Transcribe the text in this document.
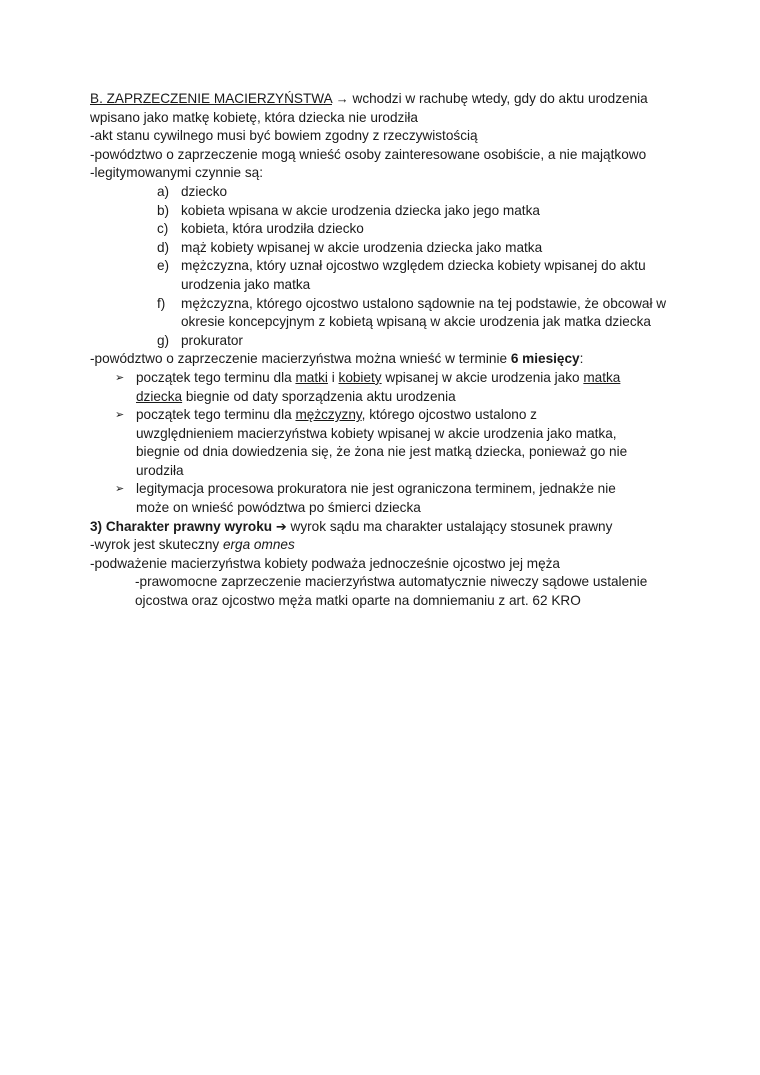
B. ZAPRZECZENIE MACIERZYŃSTWA → wchodzi w rachubę wtedy, gdy do aktu urodzenia
wpisano jako matkę kobietę, która dziecka nie urodziła
-akt stanu cywilnego musi być bowiem zgodny z rzeczywistością
-powództwo o zaprzeczenie mogą wnieść osoby zainteresowane osobiście, a nie majątkowo
-legitymowanymi czynnie są:
a) dziecko
b) kobieta wpisana w akcie urodzenia dziecka jako jego matka
c) kobieta, która urodziła dziecko
d) mąż kobiety wpisanej w akcie urodzenia dziecka jako matka
e) mężczyzna, który uznał ojcostwo względem dziecka kobiety wpisanej do aktu urodzenia jako matka
f) mężczyzna, którego ojcostwo ustalono sądownie na tej podstawie, że obcował w okresie koncepcyjnym z kobietą wpisaną w akcie urodzenia jak matka dziecka
g) prokurator
-powództwo o zaprzeczenie macierzyństwa można wnieść w terminie 6 miesięcy:
➢ początek tego terminu dla matki i kobiety wpisanej w akcie urodzenia jako matka dziecka biegnie od daty sporządzenia aktu urodzenia
➢ początek tego terminu dla mężczyzny, którego ojcostwo ustalono z uwzględnieniem macierzyństwa kobiety wpisanej w akcie urodzenia jako matka, biegnie od dnia dowiedzenia się, że żona nie jest matką dziecka, ponieważ go nie urodziła
➢ legitymacja procesowa prokuratora nie jest ograniczona terminem, jednakże nie może on wnieść powództwa po śmierci dziecka
3) Charakter prawny wyroku ➔ wyrok sądu ma charakter ustalający stosunek prawny
-wyrok jest skuteczny erga omnes
-podważenie macierzyństwa kobiety podważa jednocześnie ojcostwo jej męża
-prawomocne zaprzeczenie macierzyństwa automatycznie niweczy sądowe ustalenie ojcostwa oraz ojcostwo męża matki oparte na domniemaniu z art. 62 KRO
